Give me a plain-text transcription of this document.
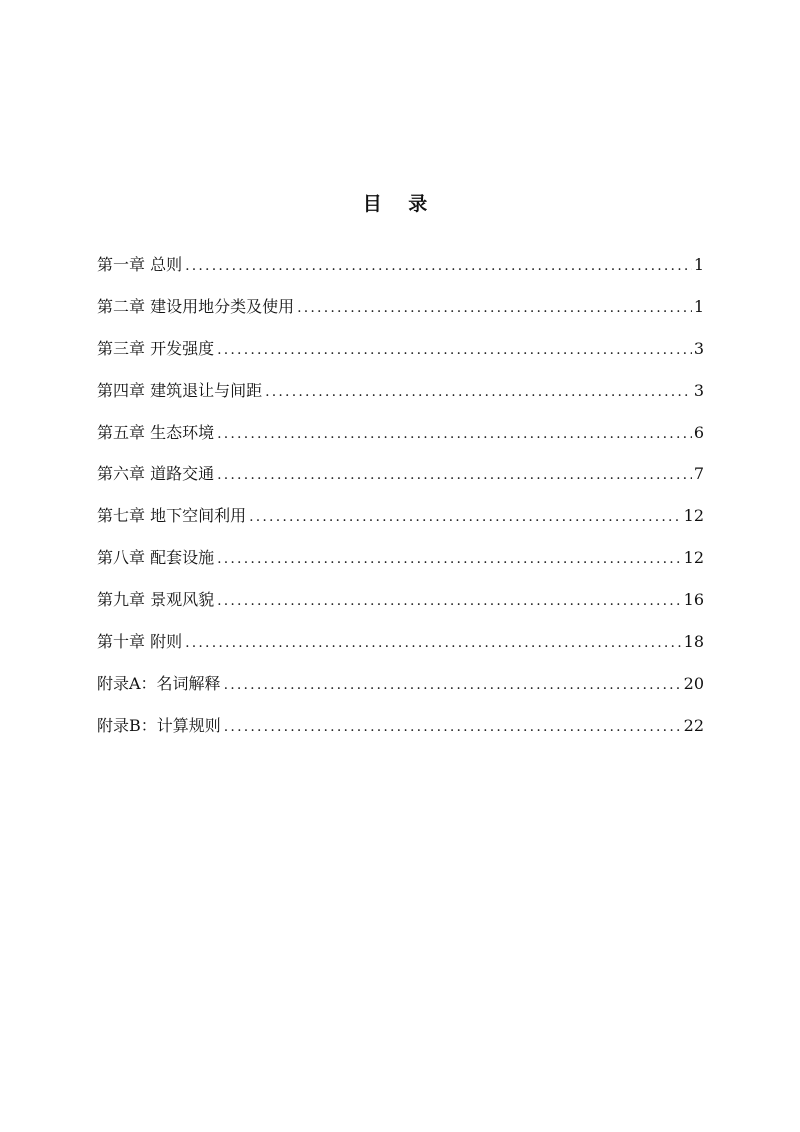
目 录
第一章 总则 .....	1
第二章 建设用地分类及使用 .....	1
第三章 开发强度 .....	3
第四章 建筑退让与间距 .....	3
第五章 生态环境 .....	6
第六章 道路交通 .....	7
第七章 地下空间利用 .....	12
第八章 配套设施 .....	12
第九章 景观风貌 .....	16
第十章 附则 .....	18
附录A：名词解释 .....	20
附录B：计算规则 .....	22
